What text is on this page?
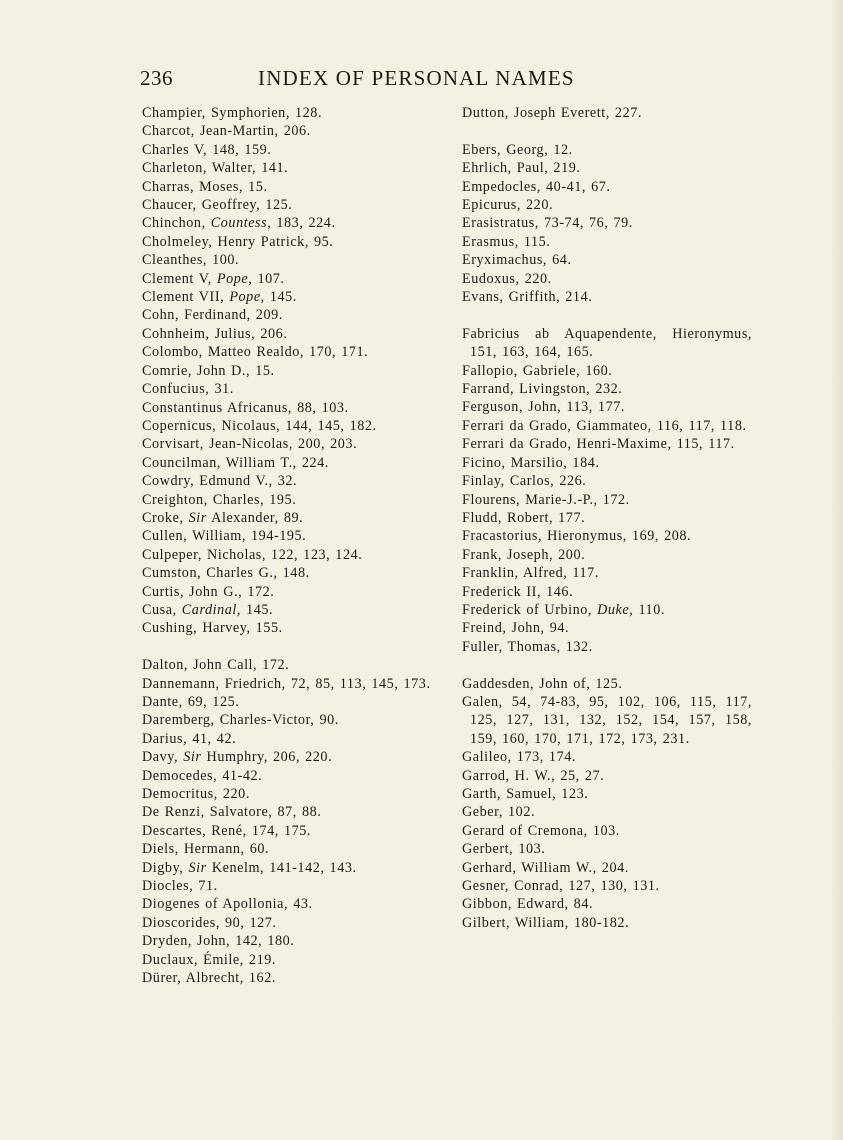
236	INDEX OF PERSONAL NAMES
Champier, Symphorien, 128.
Charcot, Jean-Martin, 206.
Charles V, 148, 159.
Charleton, Walter, 141.
Charras, Moses, 15.
Chaucer, Geoffrey, 125.
Chinchon, Countess, 183, 224.
Cholmeley, Henry Patrick, 95.
Cleanthes, 100.
Clement V, Pope, 107.
Clement VII, Pope, 145.
Cohn, Ferdinand, 209.
Cohnheim, Julius, 206.
Colombo, Matteo Realdo, 170, 171.
Comrie, John D., 15.
Confucius, 31.
Constantinus Africanus, 88, 103.
Copernicus, Nicolaus, 144, 145, 182.
Corvisart, Jean-Nicolas, 200, 203.
Councilman, William T., 224.
Cowdry, Edmund V., 32.
Creighton, Charles, 195.
Croke, Sir Alexander, 89.
Cullen, William, 194-195.
Culpeper, Nicholas, 122, 123, 124.
Cumston, Charles G., 148.
Curtis, John G., 172.
Cusa, Cardinal, 145.
Cushing, Harvey, 155.
Dalton, John Call, 172.
Dannemann, Friedrich, 72, 85, 113, 145, 173.
Dante, 69, 125.
Daremberg, Charles-Victor, 90.
Darius, 41, 42.
Davy, Sir Humphry, 206, 220.
Democedes, 41-42.
Democritus, 220.
De Renzi, Salvatore, 87, 88.
Descartes, René, 174, 175.
Diels, Hermann, 60.
Digby, Sir Kenelm, 141-142, 143.
Diocles, 71.
Diogenes of Apollonia, 43.
Dioscorides, 90, 127.
Dryden, John, 142, 180.
Duclaux, Émile, 219.
Dürer, Albrecht, 162.
Dutton, Joseph Everett, 227.
Ebers, Georg, 12.
Ehrlich, Paul, 219.
Empedocles, 40-41, 67.
Epicurus, 220.
Erasistratus, 73-74, 76, 79.
Erasmus, 115.
Eryximachus, 64.
Eudoxus, 220.
Evans, Griffith, 214.
Fabricius ab Aquapendente, Hieronymus, 151, 163, 164, 165.
Fallopio, Gabriele, 160.
Farrand, Livingston, 232.
Ferguson, John, 113, 177.
Ferrari da Grado, Giammateo, 116, 117, 118.
Ferrari da Grado, Henri-Maxime, 115, 117.
Ficino, Marsilio, 184.
Finlay, Carlos, 226.
Flourens, Marie-J.-P., 172.
Fludd, Robert, 177.
Fracastorius, Hieronymus, 169, 208.
Frank, Joseph, 200.
Franklin, Alfred, 117.
Frederick II, 146.
Frederick of Urbino, Duke, 110.
Freind, John, 94.
Fuller, Thomas, 132.
Gaddesden, John of, 125.
Galen, 54, 74-83, 95, 102, 106, 115, 117, 125, 127, 131, 132, 152, 154, 157, 158, 159, 160, 170, 171, 172, 173, 231.
Galileo, 173, 174.
Garrod, H. W., 25, 27.
Garth, Samuel, 123.
Geber, 102.
Gerard of Cremona, 103.
Gerbert, 103.
Gerhard, William W., 204.
Gesner, Conrad, 127, 130, 131.
Gibbon, Edward, 84.
Gilbert, William, 180-182.
